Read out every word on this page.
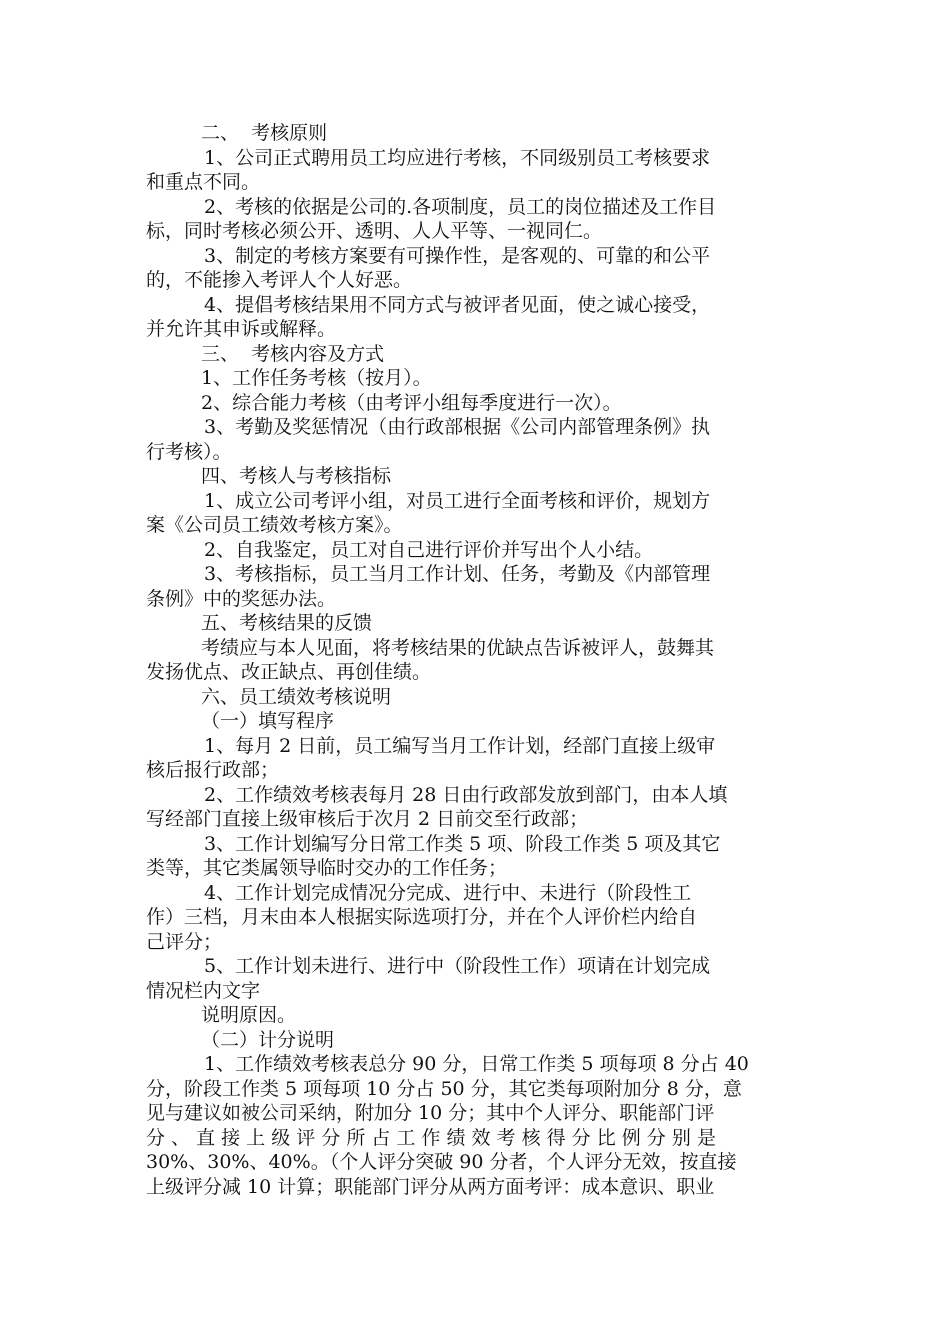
二、  考核原则
1、公司正式聘用员工均应进行考核，不同级别员工考核要求
和重点不同。
2、考核的依据是公司的.各项制度，员工的岗位描述及工作目
标，同时考核必须公开、透明、人人平等、一视同仁。
3、制定的考核方案要有可操作性，是客观的、可靠的和公平
的，不能掺入考评人个人好恶。
4、提倡考核结果用不同方式与被评者见面，使之诚心接受，
并允许其申诉或解释。
三、  考核内容及方式
1、工作任务考核（按月）。
2、综合能力考核（由考评小组每季度进行一次）。
3、考勤及奖惩情况（由行政部根据《公司内部管理条例》执
行考核）。
四、考核人与考核指标
1、成立公司考评小组，对员工进行全面考核和评价，规划方
案《公司员工绩效考核方案》。
2、自我鉴定，员工对自己进行评价并写出个人小结。
3、考核指标，员工当月工作计划、任务，考勤及《内部管理
条例》中的奖惩办法。
五、考核结果的反馈
考绩应与本人见面，将考核结果的优缺点告诉被评人，鼓舞其
发扬优点、改正缺点、再创佳绩。
六、员工绩效考核说明
（一）填写程序
1、每月 2 日前，员工编写当月工作计划，经部门直接上级审
核后报行政部；
2、工作绩效考核表每月 28 日由行政部发放到部门，由本人填
写经部门直接上级审核后于次月 2 日前交至行政部；
3、工作计划编写分日常工作类 5 项、阶段工作类 5 项及其它
类等，其它类属领导临时交办的工作任务；
4、工作计划完成情况分完成、进行中、未进行（阶段性工
作）三档，月末由本人根据实际选项打分，并在个人评价栏内给自
己评分；
5、工作计划未进行、进行中（阶段性工作）项请在计划完成
情况栏内文字
说明原因。
（二）计分说明
1、工作绩效考核表总分 90 分，日常工作类 5 项每项 8 分占 40
分，阶段工作类 5 项每项 10 分占 50 分，其它类每项附加分 8 分，意
见与建议如被公司采纳，附加分 10 分；其中个人评分、职能部门评
分 、 直 接 上 级 评 分 所 占 工 作 绩 效 考 核 得 分 比 例 分 别 是
30%、30%、40%。（个人评分突破 90 分者，个人评分无效，按直接
上级评分减 10 计算；职能部门评分从两方面考评：成本意识、职业
